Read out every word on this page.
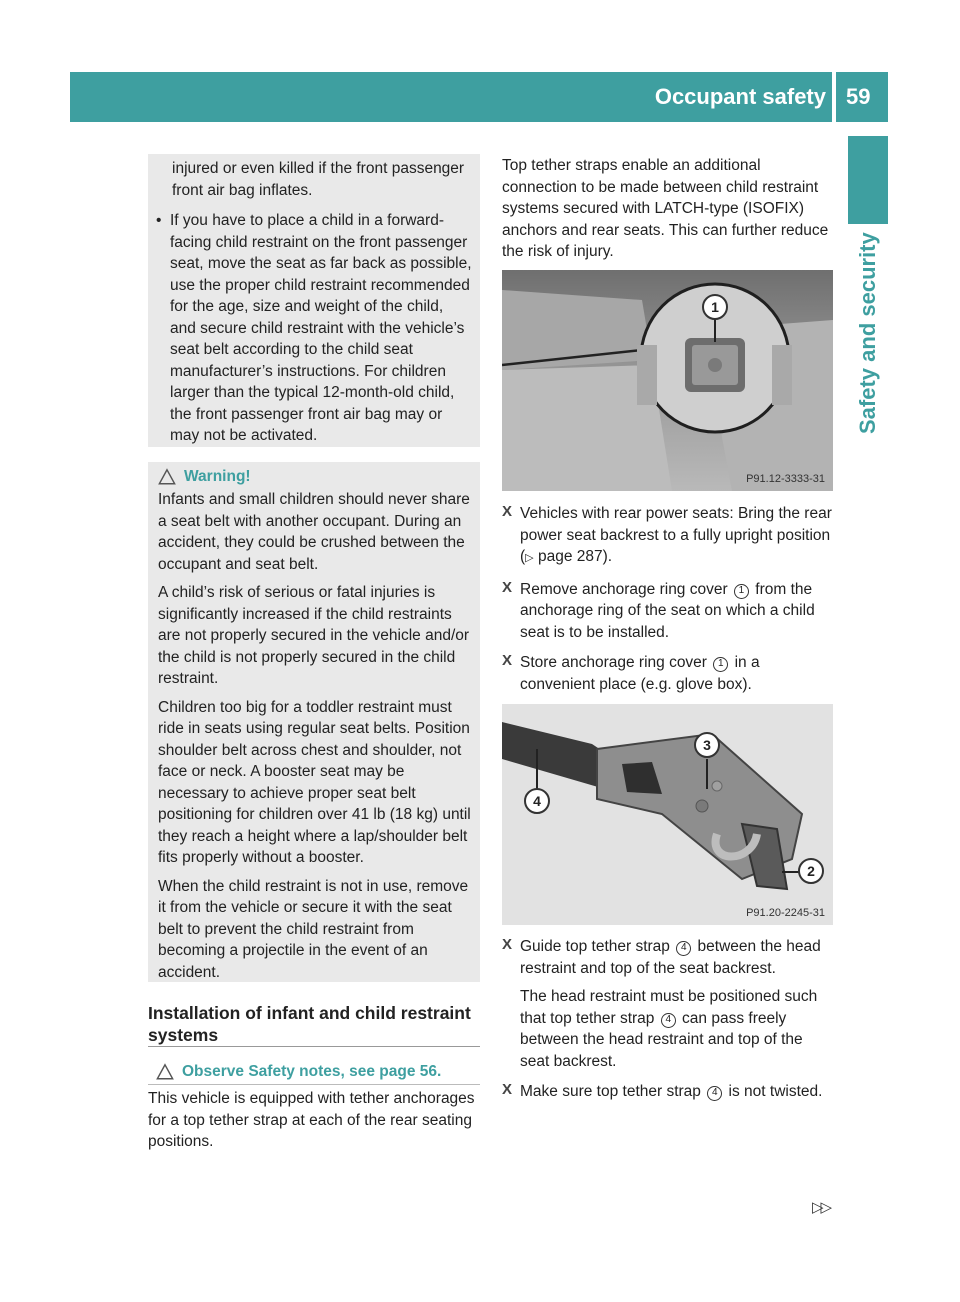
Occupant safety 59
Safety and security
injured or even killed if the front passenger front air bag inflates.
• If you have to place a child in a forward-facing child restraint on the front passenger seat, move the seat as far back as possible, use the proper child restraint recommended for the age, size and weight of the child, and secure child restraint with the vehicle’s seat belt according to the child seat manufacturer’s instructions. For children larger than the typical 12-month-old child, the front passenger front air bag may or may not be activated.
Warning!

Infants and small children should never share a seat belt with another occupant. During an accident, they could be crushed between the occupant and seat belt.

A child’s risk of serious or fatal injuries is significantly increased if the child restraints are not properly secured in the vehicle and/or the child is not properly secured in the child restraint.

Children too big for a toddler restraint must ride in seats using regular seat belts. Position shoulder belt across chest and shoulder, not face or neck. A booster seat may be necessary to achieve proper seat belt positioning for children over 41 lb (18 kg) until they reach a height where a lap/shoulder belt fits properly without a booster.

When the child restraint is not in use, remove it from the vehicle or secure it with the seat belt to prevent the child restraint from becoming a projectile in the event of an accident.

Installation of infant and child restraint systems
Observe Safety notes, see page 56.
This vehicle is equipped with tether anchorages for a top tether strap at each of the rear seating positions.
Top tether straps enable an additional connection to be made between child restraint systems secured with LATCH-type (ISOFIX) anchors and rear seats. This can further reduce the risk of injury.
1
P91.12-3333-31
X Vehicles with rear power seats: Bring the rear power seat backrest to a fully upright position (▷ page 287).
X Remove anchorage ring cover 1 from the anchorage ring of the seat on which a child seat is to be installed.
X Store anchorage ring cover 1 in a convenient place (e.g. glove box).
3
4
2
P91.20-2245-31
X Guide top tether strap 4 between the head restraint and top of the seat backrest.

The head restraint must be positioned such that top tether strap 4 can pass freely between the head restraint and top of the seat backrest.

X Make sure top tether strap 4 is not twisted.
▷▷
